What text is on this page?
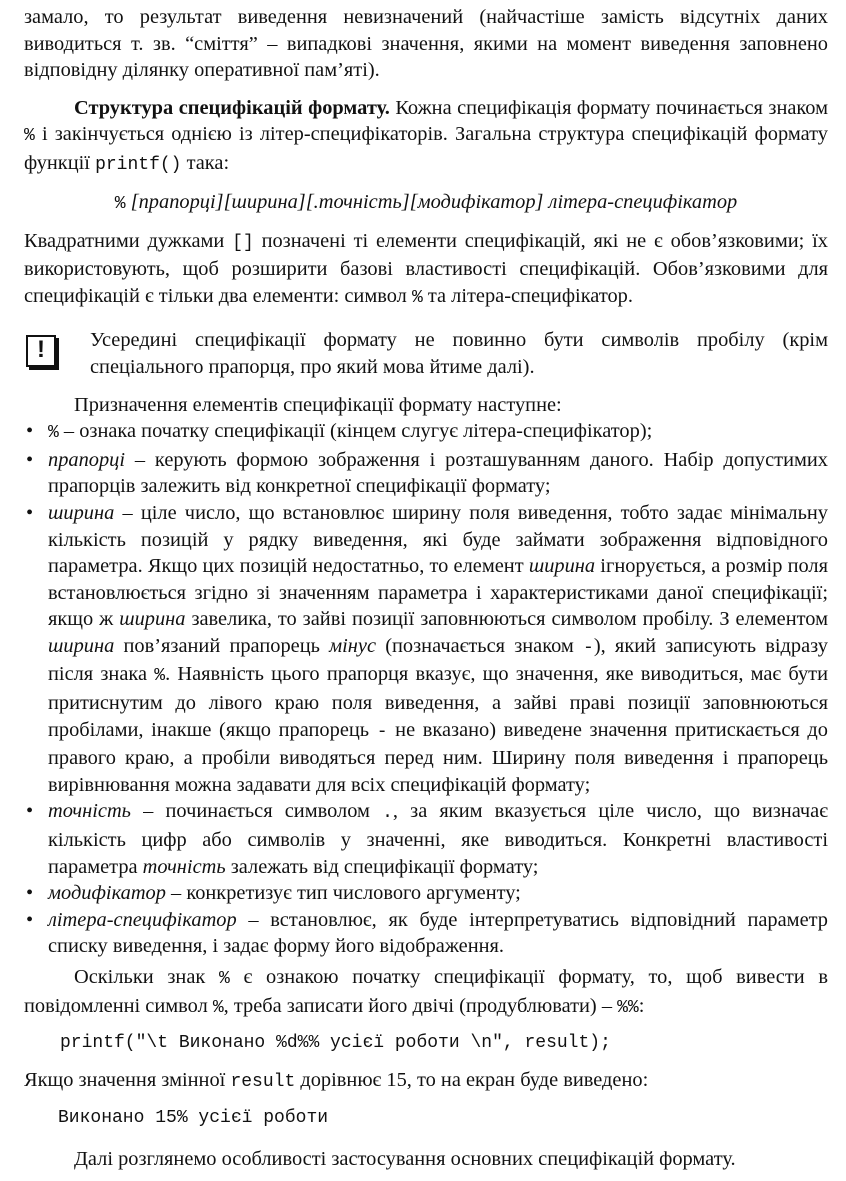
замало, то результат виведення невизначений (найчастіше замість відсутніх даних виводиться т. зв. “сміття” – випадкові значення, якими на момент виведення заповнено відповідну ділянку оперативної пам’яті).

Структура специфікацій формату. Кожна специфікація формату починається знаком % і закінчується однією із літер-специфікаторів. Загальна структура специфікацій формату функції printf() така:

% [прапорці][ширина][.точність][модифікатор] літера-специфікатор

Квадратними дужками [] позначені ті елементи специфікацій, які не є обов’язковими; їх використовують, щоб розширити базові властивості специфікацій. Обов’язковими для специфікацій є тільки два елементи: символ % та літера-специфікатор.

!	Усередині специфікації формату не повинно бути символів пробілу (крім спеціального прапорця, про який мова йтиме далі).

Призначення елементів специфікації формату наступне:

• % – ознака початку специфікації (кінцем слугує літера-специфікатор);
• прапорці – керують формою зображення і розташуванням даного. Набір допустимих прапорців залежить від конкретної специфікації формату;
• ширина – ціле число, що встановлює ширину поля виведення, тобто задає мінімальну кількість позицій у рядку виведення, які буде займати зображення відповідного параметра. Якщо цих позицій недостатньо, то елемент ширина ігнорується, а розмір поля встановлюється згідно зі значенням параметра і характеристиками даної специфікації; якщо ж ширина завелика, то зайві позиції заповнюються символом пробілу. З елементом ширина пов’язаний прапорець мінус (позначається знаком -), який записують відразу після знака %. Наявність цього прапорця вказує, що значення, яке виводиться, має бути притиснутим до лівого краю поля виведення, а зайві праві позиції заповнюються пробілами, інакше (якщо прапорець - не вказано) виведене значення притискається до правого краю, а пробіли виводяться перед ним. Ширину поля виведення і прапорець вирівнювання можна задавати для всіх специфікацій формату;
• точність – починається символом ., за яким вказується ціле число, що визначає кількість цифр або символів у значенні, яке виводиться. Конкретні властивості параметра точність залежать від специфікації формату;
• модифікатор – конкретизує тип числового аргументу;
• літера-специфікатор – встановлює, як буде інтерпретуватись відповідний параметр списку виведення, і задає форму його відображення.

Оскільки знак % є ознакою початку специфікації формату, то, щоб вивести в повідомленні символ %, треба записати його двічі (продублювати) – %%:

printf("\t Виконано %d%% усієї роботи \n", result);

Якщо значення змінної result дорівнює 15, то на екран буде виведено:

Виконано 15% усієї роботи

Далі розглянемо особливості застосування основних специфікацій формату.
